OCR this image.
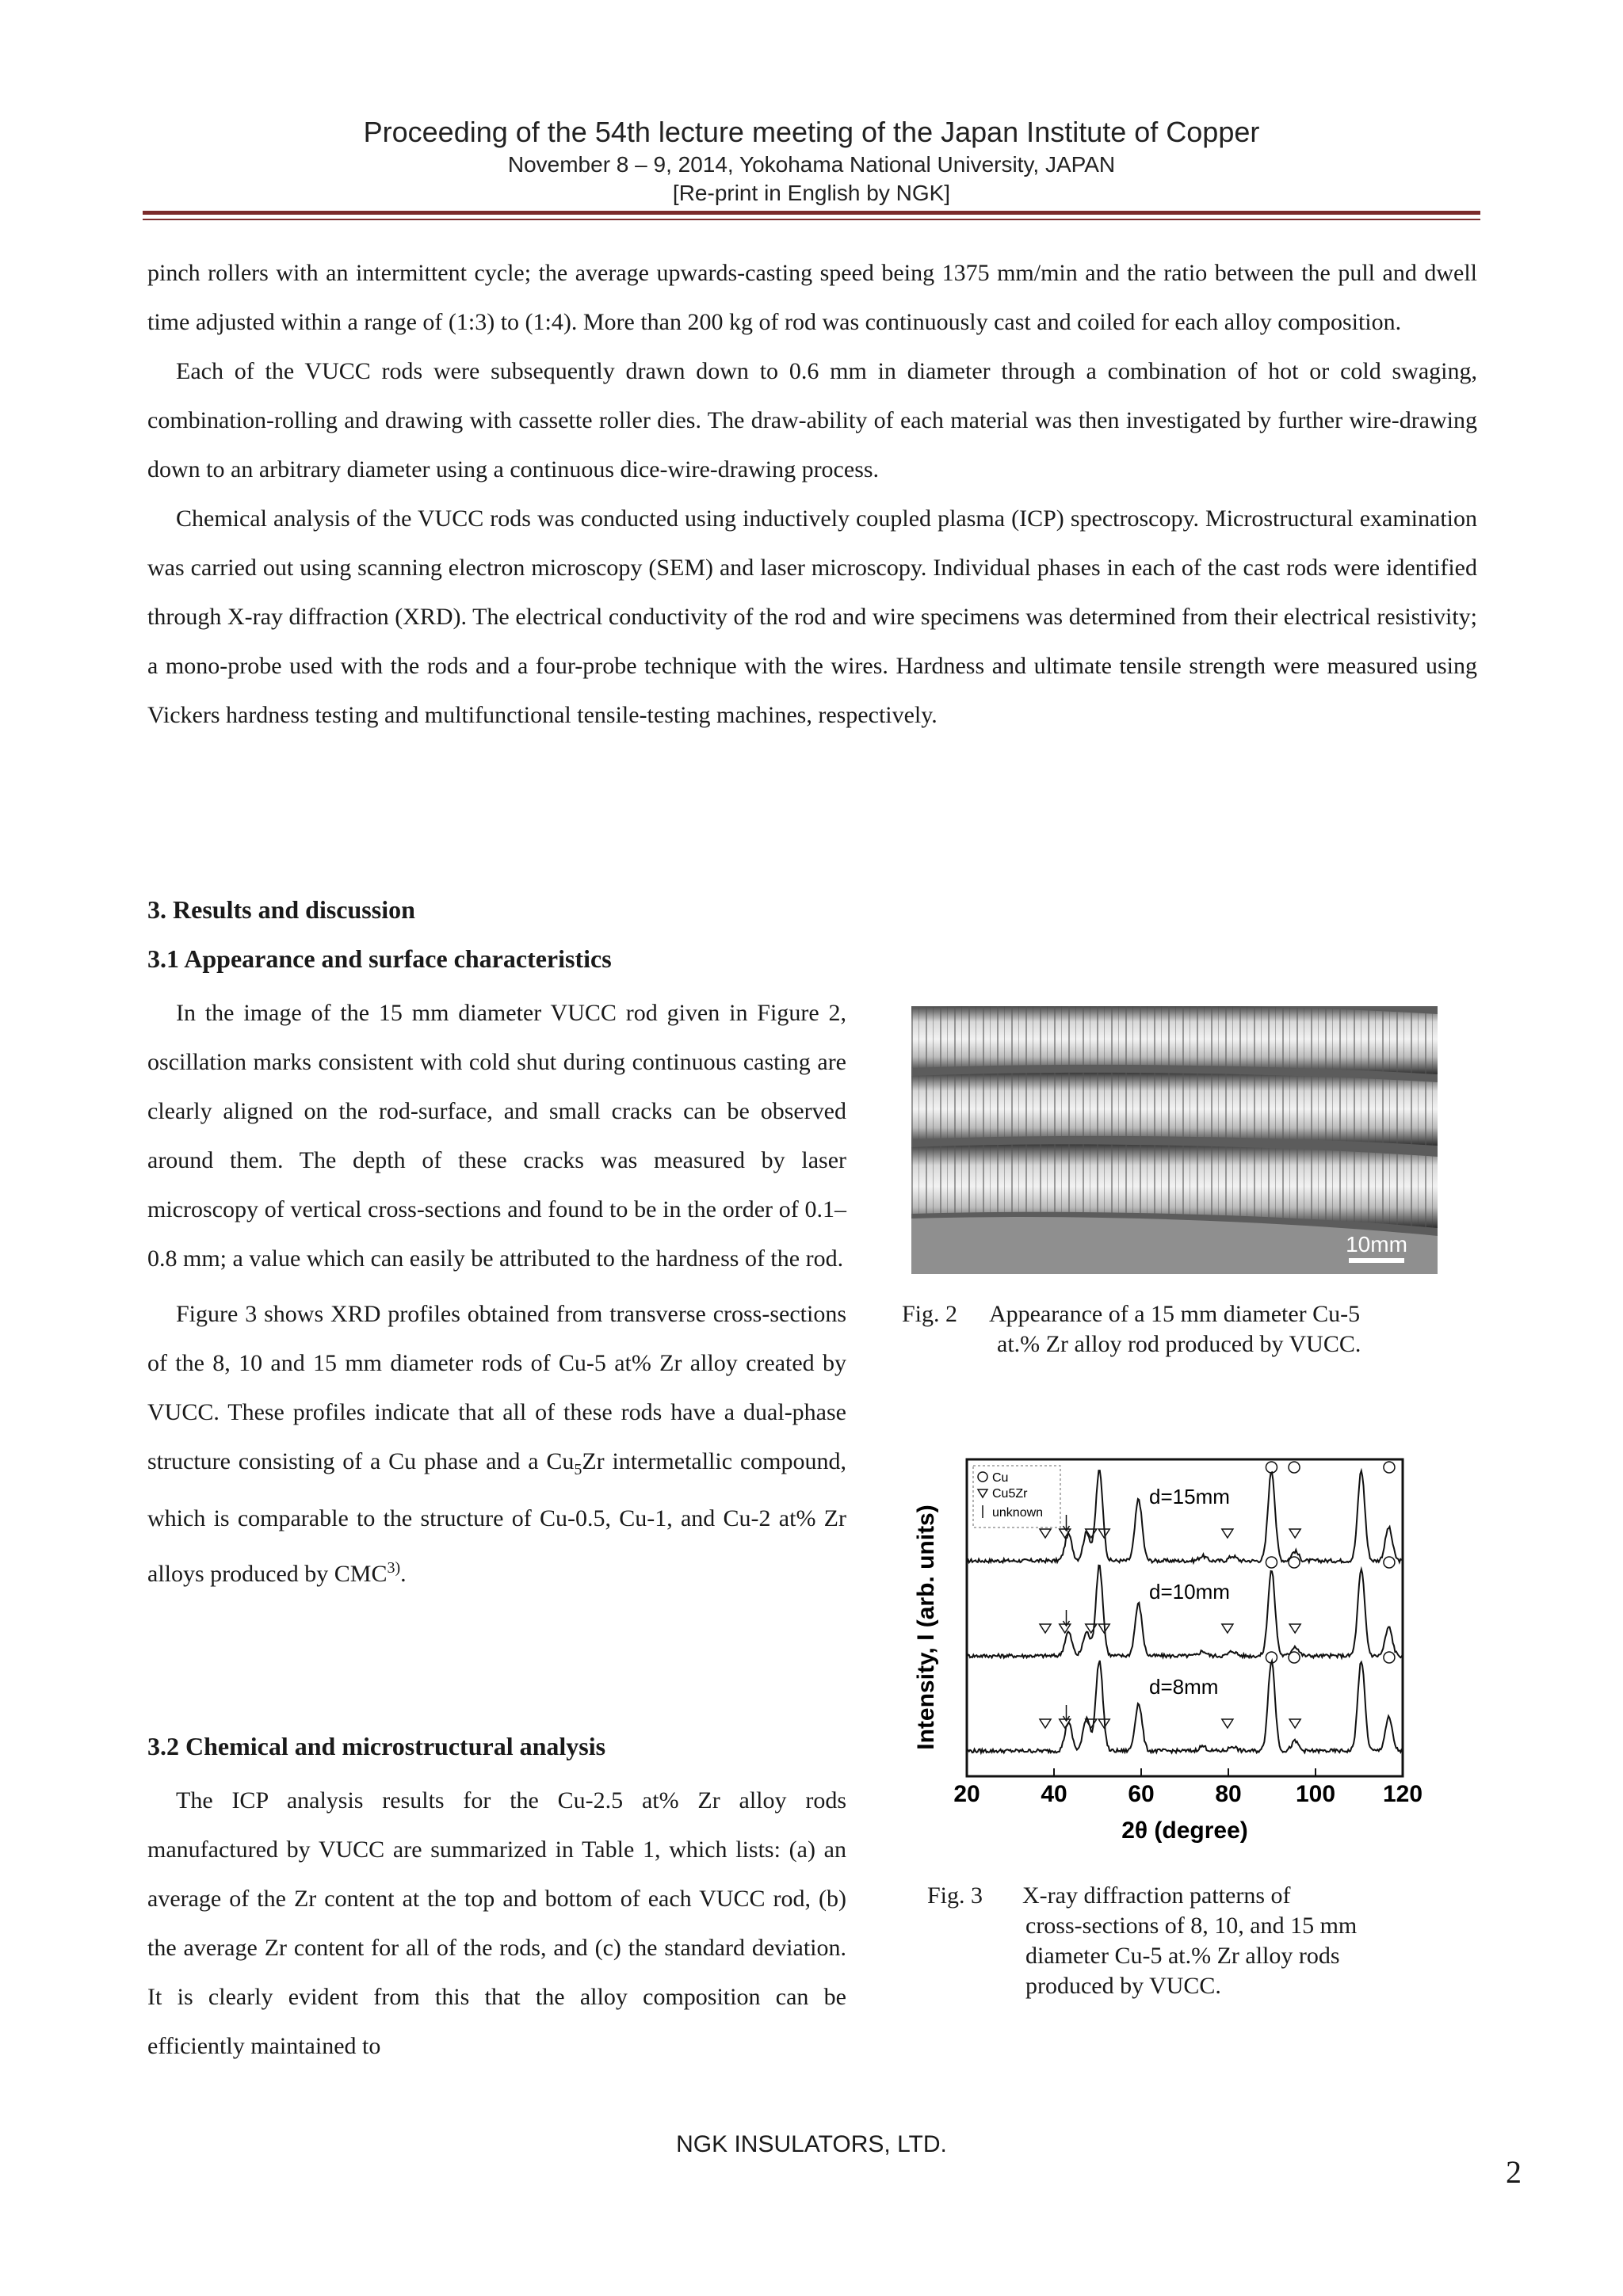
Proceeding of the 54th lecture meeting of the Japan Institute of Copper
November 8 – 9, 2014, Yokohama National University, JAPAN
[Re-print in English by NGK]

pinch rollers with an intermittent cycle; the average upwards-casting speed being 1375 mm/min and the ratio between the pull and dwell time adjusted within a range of (1:3) to (1:4). More than 200 kg of rod was continuously cast and coiled for each alloy composition.

Each of the VUCC rods were subsequently drawn down to 0.6 mm in diameter through a combination of hot or cold swaging, combination-rolling and drawing with cassette roller dies. The draw-ability of each material was then investigated by further wire-drawing down to an arbitrary diameter using a continuous dice-wire-drawing process.

Chemical analysis of the VUCC rods was conducted using inductively coupled plasma (ICP) spectroscopy. Microstructural examination was carried out using scanning electron microscopy (SEM) and laser microscopy. Individual phases in each of the cast rods were identified through X-ray diffraction (XRD). The electrical conductivity of the rod and wire specimens was determined from their electrical resistivity; a mono-probe used with the rods and a four-probe technique with the wires. Hardness and ultimate tensile strength were measured using Vickers hardness testing and multifunctional tensile-testing machines, respectively.

3. Results and discussion
3.1 Appearance and surface characteristics

In the image of the 15 mm diameter VUCC rod given in Figure 2, oscillation marks consistent with cold shut during continuous casting are clearly aligned on the rod-surface, and small cracks can be observed around them. The depth of these cracks was measured by laser microscopy of vertical cross-sections and found to be in the order of 0.1–0.8 mm; a value which can easily be attributed to the hardness of the rod.

Figure 3 shows XRD profiles obtained from transverse cross-sections of the 8, 10 and 15 mm diameter rods of Cu-5 at% Zr alloy created by VUCC. These profiles indicate that all of these rods have a dual-phase structure consisting of a Cu phase and a $Cu_5Zr$ intermetallic compound, which is comparable to the structure of Cu-0.5, Cu-1, and Cu-2 at% Zr alloys produced by CMC$^{3)}$.

3.2 Chemical and microstructural analysis

The ICP analysis results for the Cu-2.5 at% Zr alloy rods manufactured by VUCC are summarized in Table 1, which lists: (a) an average of the Zr content at the top and bottom of each VUCC rod, (b) the average Zr content for all of the rods, and (c) the standard deviation. It is clearly evident from this that the alloy composition can be efficiently maintained to

10mm
Fig. 2 Appearance of a 15 mm diameter Cu-5
at.% Zr alloy rod produced by VUCC.
Intensity, I (arb. units)
20	40	60	80 100 120
2θ (degree)
Cu
Cu5Zr
unknown
d=15mm
d=10mm
d=8mm
Fig. 3 X-ray diffraction patterns of
cross-sections of 8, 10, and 15 mm
diameter Cu-5 at.% Zr alloy rods
produced by VUCC.
NGK INSULATORS, LTD.
2
